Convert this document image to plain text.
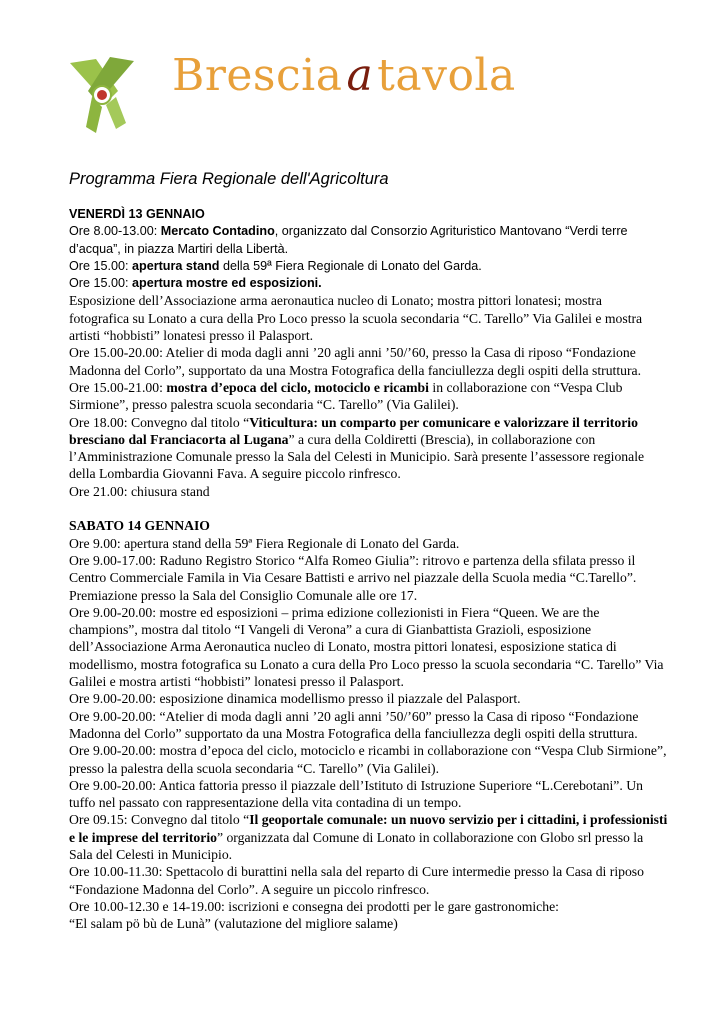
Bresciaatavola
Programma Fiera Regionale dell'Agricoltura
VENERDÌ 13 GENNAIO
Ore 8.00-13.00: Mercato Contadino, organizzato dal Consorzio Agrituristico Mantovano “Verdi terre
d’acqua”, in piazza Martiri della Libertà.
Ore 15.00: apertura stand della 59ª Fiera Regionale di Lonato del Garda.
Ore 15.00: apertura mostre ed esposizioni.
Esposizione dell’Associazione arma aeronautica nucleo di Lonato; mostra pittori lonatesi; mostra
fotografica su Lonato a cura della Pro Loco presso la scuola secondaria “C. Tarello” Via Galilei e mostra
artisti “hobbisti” lonatesi presso il Palasport.
Ore 15.00-20.00: Atelier di moda dagli anni ’20 agli anni ’50/’60, presso la Casa di riposo “Fondazione
Madonna del Corlo”, supportato da una Mostra Fotografica della fanciullezza degli ospiti della struttura.
Ore 15.00-21.00: mostra d’epoca del ciclo, motociclo e ricambi in collaborazione con “Vespa Club
Sirmione”, presso palestra scuola secondaria “C. Tarello” (Via Galilei).
Ore 18.00: Convegno dal titolo “Viticultura: un comparto per comunicare e valorizzare il territorio
bresciano dal Franciacorta al Lugana” a cura della Coldiretti (Brescia), in collaborazione con
l’Amministrazione Comunale presso la Sala del Celesti in Municipio. Sarà presente l’assessore regionale
della Lombardia Giovanni Fava. A seguire piccolo rinfresco.
Ore 21.00: chiusura stand
SABATO 14 GENNAIO
Ore 9.00: apertura stand della 59ª Fiera Regionale di Lonato del Garda.
Ore 9.00-17.00: Raduno Registro Storico “Alfa Romeo Giulia”: ritrovo e partenza della sfilata presso il
Centro Commerciale Famila in Via Cesare Battisti e arrivo nel piazzale della Scuola media “C.Tarello”.
Premiazione presso la Sala del Consiglio Comunale alle ore 17.
Ore 9.00-20.00: mostre ed esposizioni – prima edizione collezionisti in Fiera “Queen. We are the
champions”, mostra dal titolo “I Vangeli di Verona” a cura di Gianbattista Grazioli, esposizione
dell’Associazione Arma Aeronautica nucleo di Lonato, mostra pittori lonatesi, esposizione statica di
modellismo, mostra fotografica su Lonato a cura della Pro Loco presso la scuola secondaria “C. Tarello” Via
Galilei e mostra artisti “hobbisti” lonatesi presso il Palasport.
Ore 9.00-20.00: esposizione dinamica modellismo presso il piazzale del Palasport.
Ore 9.00-20.00: “Atelier di moda dagli anni ’20 agli anni ’50/’60” presso la Casa di riposo “Fondazione
Madonna del Corlo” supportato da una Mostra Fotografica della fanciullezza degli ospiti della struttura.
Ore 9.00-20.00: mostra d’epoca del ciclo, motociclo e ricambi in collaborazione con “Vespa Club Sirmione”,
presso la palestra della scuola secondaria “C. Tarello” (Via Galilei).
Ore 9.00-20.00: Antica fattoria presso il piazzale dell’Istituto di Istruzione Superiore “L.Cerebotani”. Un
tuffo nel passato con rappresentazione della vita contadina di un tempo.
Ore 09.15: Convegno dal titolo “Il geoportale comunale: un nuovo servizio per i cittadini, i professionisti
e le imprese del territorio” organizzata dal Comune di Lonato in collaborazione con Globo srl presso la
Sala del Celesti in Municipio.
Ore 10.00-11.30: Spettacolo di burattini nella sala del reparto di Cure intermedie presso la Casa di riposo
“Fondazione Madonna del Corlo”. A seguire un piccolo rinfresco.
Ore 10.00-12.30 e 14-19.00: iscrizioni e consegna dei prodotti per le gare gastronomiche:
“El salam pö bù de Lunà” (valutazione del migliore salame)
